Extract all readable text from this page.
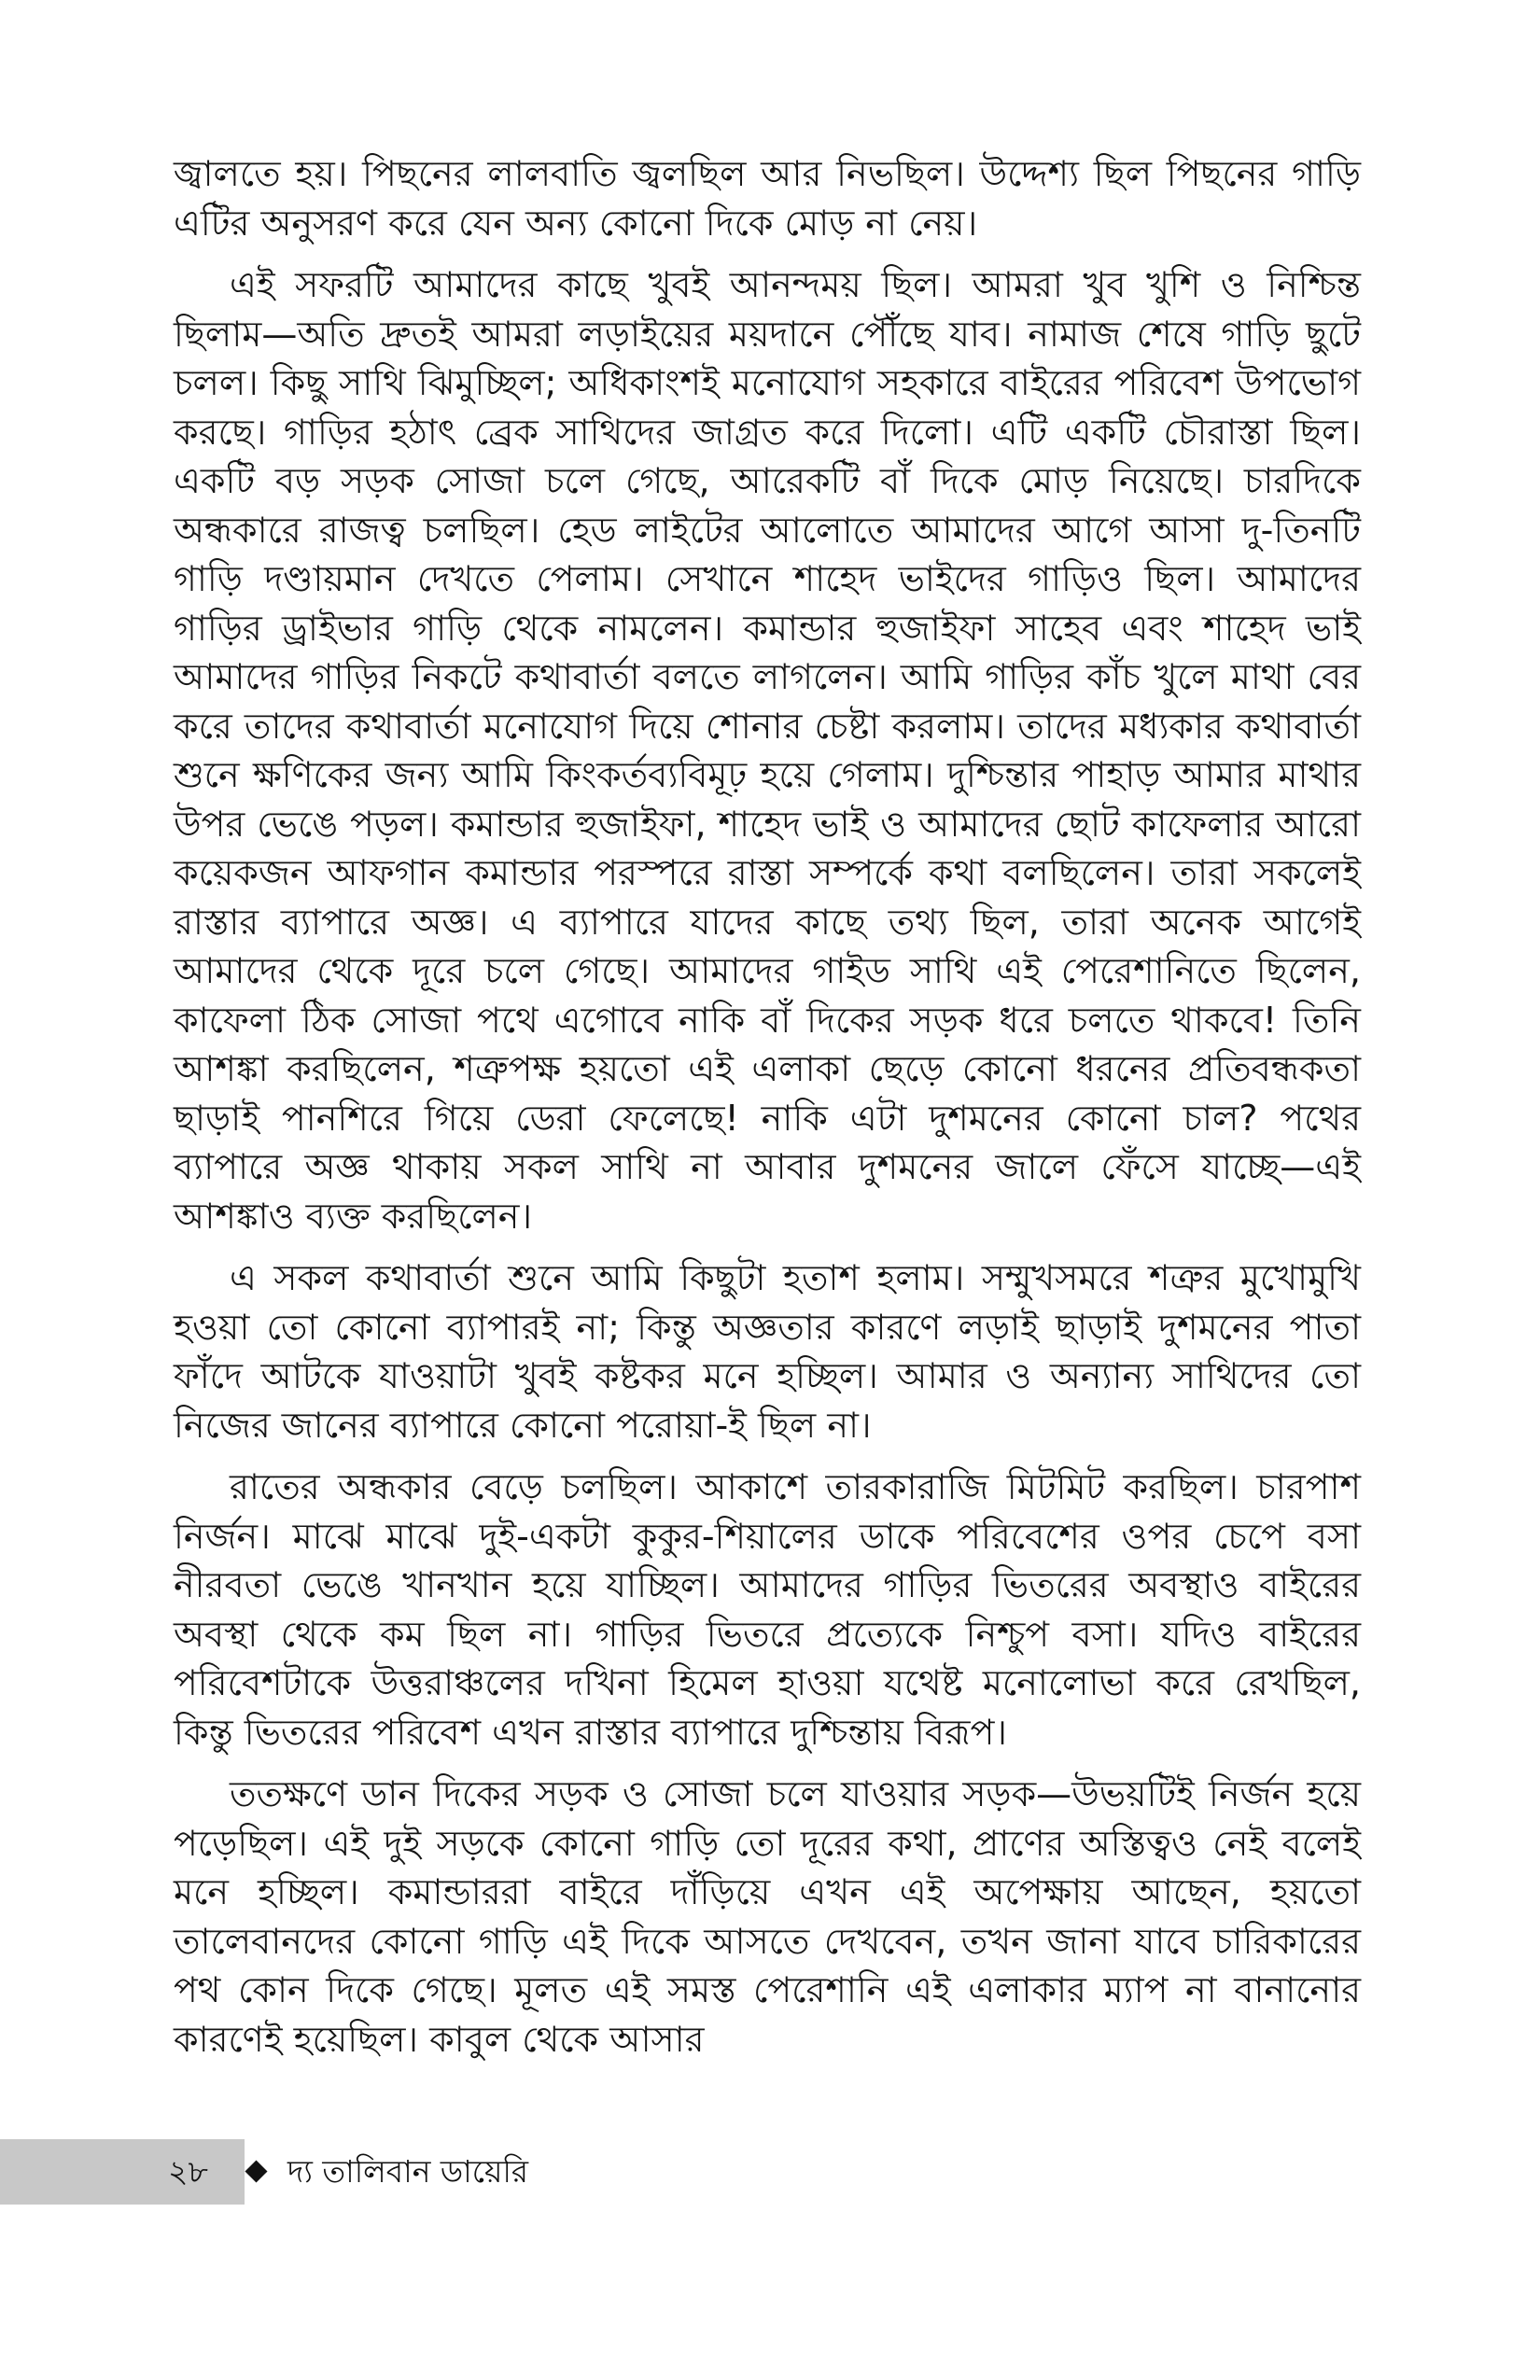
জ্বালতে হয়। পিছনের লালবাতি জ্বলছিল আর নিভছিল। উদ্দেশ্য ছিল পিছনের গাড়ি এটির অনুসরণ করে যেন অন্য কোনো দিকে মোড় না নেয়।

এই সফরটি আমাদের কাছে খুবই আনন্দময় ছিল। আমরা খুব খুশি ও নিশ্চিন্ত ছিলাম—অতি দ্রুতই আমরা লড়াইয়ের ময়দানে পৌঁছে যাব। নামাজ শেষে গাড়ি ছুটে চলল। কিছু সাথি ঝিমুচ্ছিল; অধিকাংশই মনোযোগ সহকারে বাইরের পরিবেশ উপভোগ করছে। গাড়ির হঠাৎ ব্রেক সাথিদের জাগ্রত করে দিলো। এটি একটি চৌরাস্তা ছিল। একটি বড় সড়ক সোজা চলে গেছে, আরেকটি বাঁ দিকে মোড় নিয়েছে। চারদিকে অন্ধকারে রাজত্ব চলছিল। হেড লাইটের আলোতে আমাদের আগে আসা দু-তিনটি গাড়ি দণ্ডায়মান দেখতে পেলাম। সেখানে শাহেদ ভাইদের গাড়িও ছিল। আমাদের গাড়ির ড্রাইভার গাড়ি থেকে নামলেন। কমান্ডার হুজাইফা সাহেব এবং শাহেদ ভাই আমাদের গাড়ির নিকটে কথাবার্তা বলতে লাগলেন। আমি গাড়ির কাঁচ খুলে মাথা বের করে তাদের কথাবার্তা মনোযোগ দিয়ে শোনার চেষ্টা করলাম। তাদের মধ্যকার কথাবার্তা শুনে ক্ষণিকের জন্য আমি কিংকর্তব্যবিমূঢ় হয়ে গেলাম। দুশ্চিন্তার পাহাড় আমার মাথার উপর ভেঙে পড়ল। কমান্ডার হুজাইফা, শাহেদ ভাই ও আমাদের ছোট কাফেলার আরো কয়েকজন আফগান কমান্ডার পরস্পরে রাস্তা সম্পর্কে কথা বলছিলেন। তারা সকলেই রাস্তার ব্যাপারে অজ্ঞ। এ ব্যাপারে যাদের কাছে তথ্য ছিল, তারা অনেক আগেই আমাদের থেকে দূরে চলে গেছে। আমাদের গাইড সাথি এই পেরেশানিতে ছিলেন, কাফেলা ঠিক সোজা পথে এগোবে নাকি বাঁ দিকের সড়ক ধরে চলতে থাকবে! তিনি আশঙ্কা করছিলেন, শত্রুপক্ষ হয়তো এই এলাকা ছেড়ে কোনো ধরনের প্রতিবন্ধকতা ছাড়াই পানশিরে গিয়ে ডেরা ফেলেছে! নাকি এটা দুশমনের কোনো চাল? পথের ব্যাপারে অজ্ঞ থাকায় সকল সাথি না আবার দুশমনের জালে ফেঁসে যাচ্ছে—এই আশঙ্কাও ব্যক্ত করছিলেন।

এ সকল কথাবার্তা শুনে আমি কিছুটা হতাশ হলাম। সম্মুখসমরে শত্রুর মুখোমুখি হওয়া তো কোনো ব্যাপারই না; কিন্তু অজ্ঞতার কারণে লড়াই ছাড়াই দুশমনের পাতা ফাঁদে আটকে যাওয়াটা খুবই কষ্টকর মনে হচ্ছিল। আমার ও অন্যান্য সাথিদের তো নিজের জানের ব্যাপারে কোনো পরোয়া-ই ছিল না।

রাতের অন্ধকার বেড়ে চলছিল। আকাশে তারকারাজি মিটমিট করছিল। চারপাশ নির্জন। মাঝে মাঝে দুই-একটা কুকুর-শিয়ালের ডাকে পরিবেশের ওপর চেপে বসা নীরবতা ভেঙে খানখান হয়ে যাচ্ছিল। আমাদের গাড়ির ভিতরের অবস্থাও বাইরের অবস্থা থেকে কম ছিল না। গাড়ির ভিতরে প্রত্যেকে নিশ্চুপ বসা। যদিও বাইরের পরিবেশটাকে উত্তরাঞ্চলের দখিনা হিমেল হাওয়া যথেষ্ট মনোলোভা করে রেখছিল, কিন্তু ভিতরের পরিবেশ এখন রাস্তার ব্যাপারে দুশ্চিন্তায় বিরূপ।

ততক্ষণে ডান দিকের সড়ক ও সোজা চলে যাওয়ার সড়ক—উভয়টিই নির্জন হয়ে পড়েছিল। এই দুই সড়কে কোনো গাড়ি তো দূরের কথা, প্রাণের অস্তিত্বও নেই বলেই মনে হচ্ছিল। কমান্ডাররা বাইরে দাঁড়িয়ে এখন এই অপেক্ষায় আছেন, হয়তো তালেবানদের কোনো গাড়ি এই দিকে আসতে দেখবেন, তখন জানা যাবে চারিকারের পথ কোন দিকে গেছে। মূলত এই সমস্ত পেরেশানি এই এলাকার ম্যাপ না বানানোর কারণেই হয়েছিল। কাবুল থেকে আসার

২৮	দ্য তালিবান ডায়েরি
